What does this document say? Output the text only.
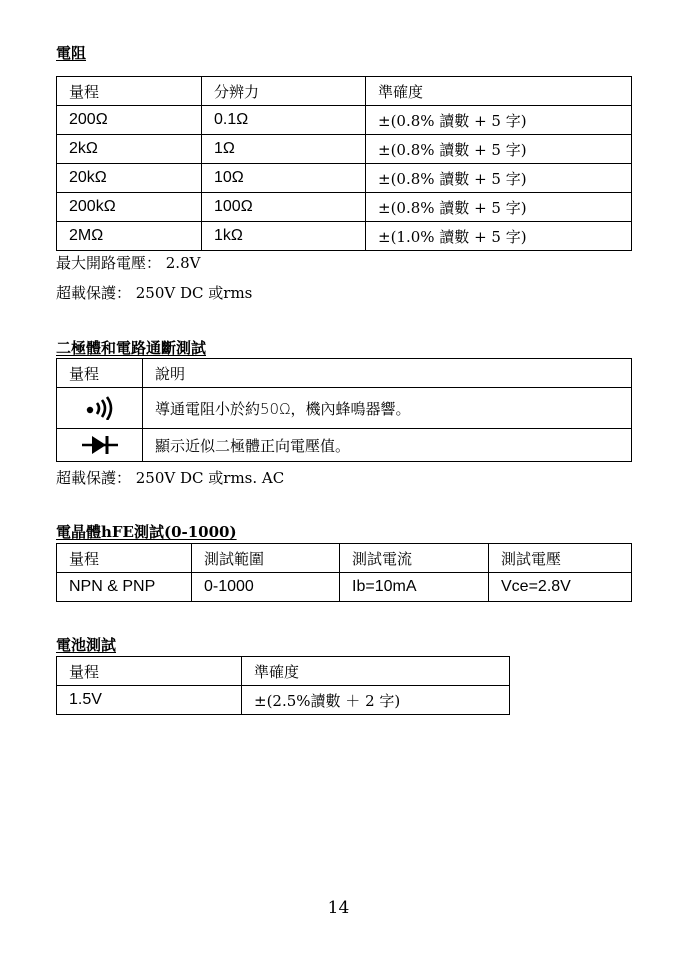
電阻
量程	分辨力	準確度
200Ω	0.1Ω	±(0.8% 讀數 + 5 字)
2kΩ	1Ω	±(0.8% 讀數 + 5 字)
20kΩ	10Ω	±(0.8% 讀數 + 5 字)
200kΩ	100Ω	±(0.8% 讀數 + 5 字)
2MΩ	1kΩ	±(1.0% 讀數 + 5 字)
最大開路電壓： 2.8V
超載保護： 250V DC 或rms
二極體和電路通斷測試
量程	說明

	導通電阻小於約50Ω，機內蜂鳴器響。

	顯示近似二極體正向電壓值。
超載保護： 250V DC 或rms. AC
電晶體hFE測試(0-1000)
量程	測試範圍	測試電流	測試電壓
NPN & PNP	0-1000	Ib=10mA	Vce=2.8V
電池測試
量程	準確度
1.5V	±(2.5%讀數 ＋ 2 字)
14
